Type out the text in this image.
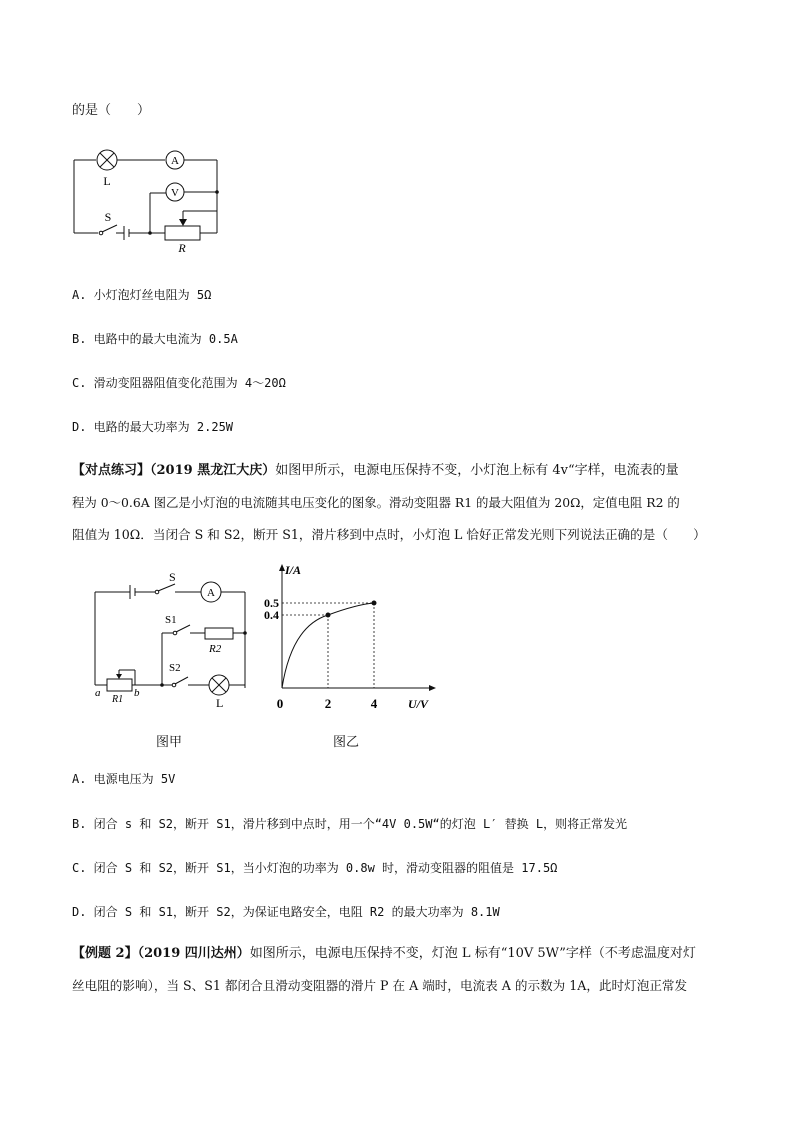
的是（　　）
A
V
L
S
R
A. 小灯泡灯丝电阻为 5Ω
B. 电路中的最大电流为 0.5A
C. 滑动变阻器阻值变化范围为 4～20Ω
D. 电路的最大功率为 2.25W
【对点练习】（2019 黑龙江大庆）如图甲所示，电源电压保持不变，小灯泡上标有 4v“字样，电流表的量
程为 0～0.6A 图乙是小灯泡的电流随其电压变化的图象。滑动变阻器 R1 的最大阻值为 20Ω，定值电阻 R2 的
阻值为 10Ω．当闭合 S 和 S2，断开 S1，滑片移到中点时，小灯泡 L 恰好正常发光则下列说法正确的是（　　）
A
S
S1
R2
S2
L
a	b
R1
图甲
I/A
U/V
0.5
0.4
0	2	4
图乙
A. 电源电压为 5V
B. 闭合 s 和 S2，断开 S1，滑片移到中点时，用一个“4V 0.5W“的灯泡 L′ 替换 L，则将正常发光
C. 闭合 S 和 S2，断开 S1，当小灯泡的功率为 0.8w 时，滑动变阻器的阻值是 17.5Ω
D. 闭合 S 和 S1，断开 S2，为保证电路安全，电阻 R2 的最大功率为 8.1W
【例题 2】（2019 四川达州）如图所示，电源电压保持不变，灯泡 L 标有“10V 5W”字样（不考虑温度对灯
丝电阻的影响），当 S、S1 都闭合且滑动变阻器的滑片 P 在 A 端时，电流表 A 的示数为 1A，此时灯泡正常发
